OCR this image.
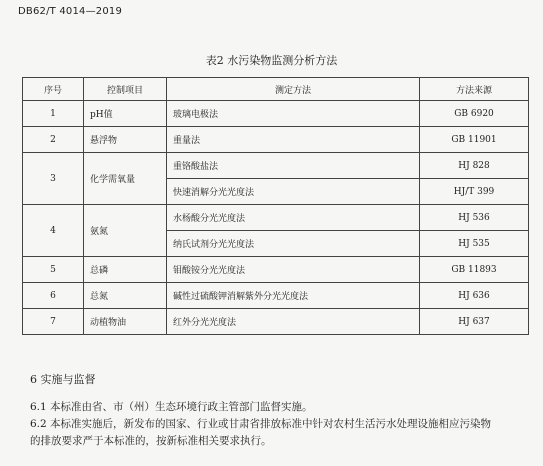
DB62/T 4014—2019
表2 水污染物监测分析方法
序号	控制项目	测定方法	方法来源
1	pH值	玻璃电极法	GB 6920
2	悬浮物	重量法	GB 11901
3	化学需氧量	重铬酸盐法	HJ 828
		快速消解分光光度法	HJ/T 399
4	氨氮	水杨酸分光光度法	HJ 536
		纳氏试剂分光光度法	HJ 535
5	总磷	钼酸铵分光光度法	GB 11893
6	总氮	碱性过硫酸钾消解紫外分光光度法	HJ 636
7	动植物油	红外分光光度法	HJ 637
6 实施与监督
6.1 本标准由省、市（州）生态环境行政主管部门监督实施。
6.2 本标准实施后，新发布的国家、行业或甘肃省排放标准中针对农村生活污水处理设施相应污染物
的排放要求严于本标准的，按新标准相关要求执行。
